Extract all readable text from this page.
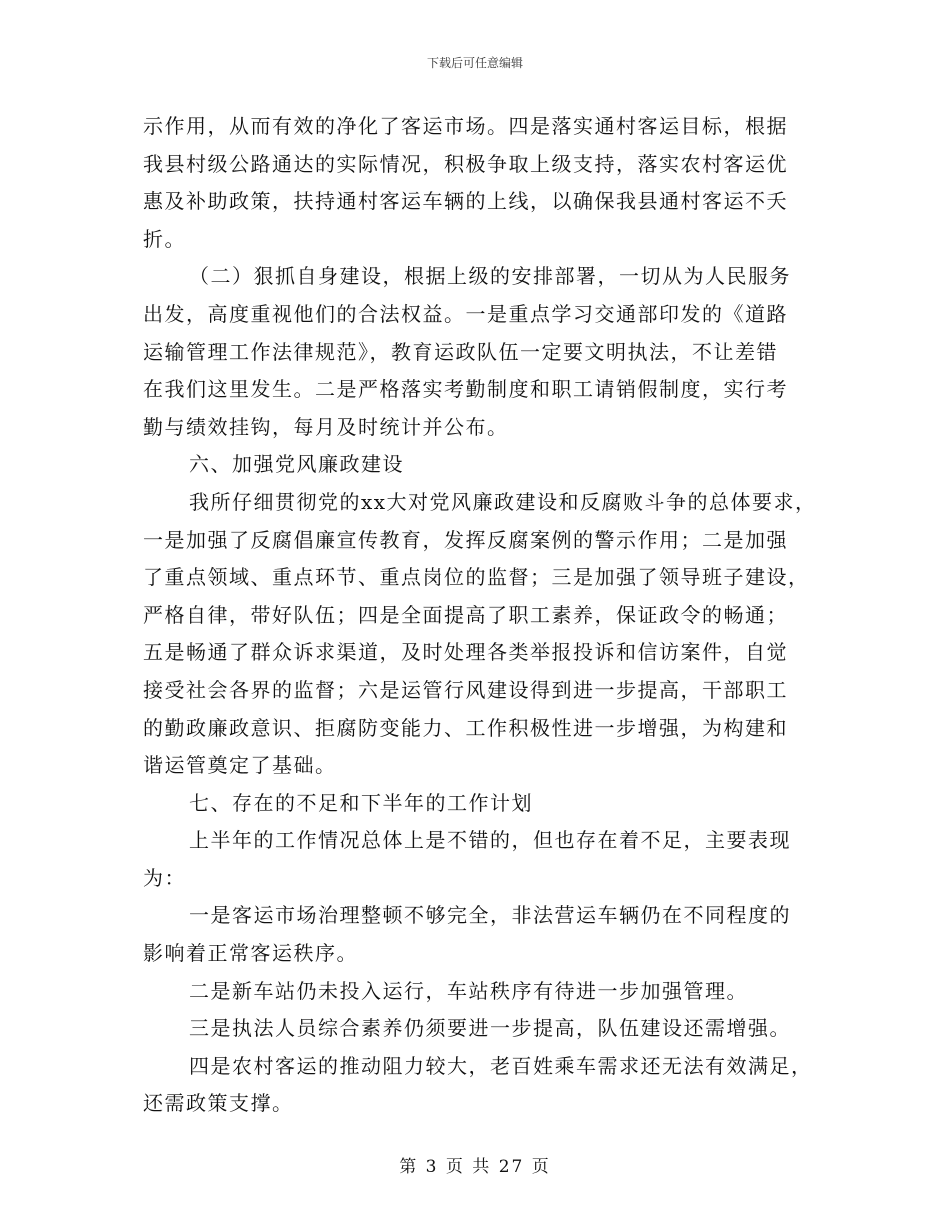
下载后可任意编辑
示作用，从而有效的净化了客运市场。四是落实通村客运目标，根据
我县村级公路通达的实际情况，积极争取上级支持，落实农村客运优
惠及补助政策，扶持通村客运车辆的上线，以确保我县通村客运不夭
折。
（二）狠抓自身建设，根据上级的安排部署，一切从为人民服务
出发，高度重视他们的合法权益。一是重点学习交通部印发的《道路
运输管理工作法律规范》，教育运政队伍一定要文明执法，不让差错
在我们这里发生。二是严格落实考勤制度和职工请销假制度，实行考
勤与绩效挂钩，每月及时统计并公布。
六、加强党风廉政建设
我所仔细贯彻党的xx大对党风廉政建设和反腐败斗争的总体要求，
一是加强了反腐倡廉宣传教育，发挥反腐案例的警示作用；二是加强
了重点领域、重点环节、重点岗位的监督；三是加强了领导班子建设，
严格自律，带好队伍；四是全面提高了职工素养，保证政令的畅通；
五是畅通了群众诉求渠道，及时处理各类举报投诉和信访案件，自觉
接受社会各界的监督；六是运管行风建设得到进一步提高，干部职工
的勤政廉政意识、拒腐防变能力、工作积极性进一步增强，为构建和
谐运管奠定了基础。
七、存在的不足和下半年的工作计划
上半年的工作情况总体上是不错的，但也存在着不足，主要表现
为：
一是客运市场治理整顿不够完全，非法营运车辆仍在不同程度的
影响着正常客运秩序。
二是新车站仍未投入运行，车站秩序有待进一步加强管理。
三是执法人员综合素养仍须要进一步提高，队伍建设还需增强。
四是农村客运的推动阻力较大，老百姓乘车需求还无法有效满足，
还需政策支撑。
第 3 页 共 27 页
